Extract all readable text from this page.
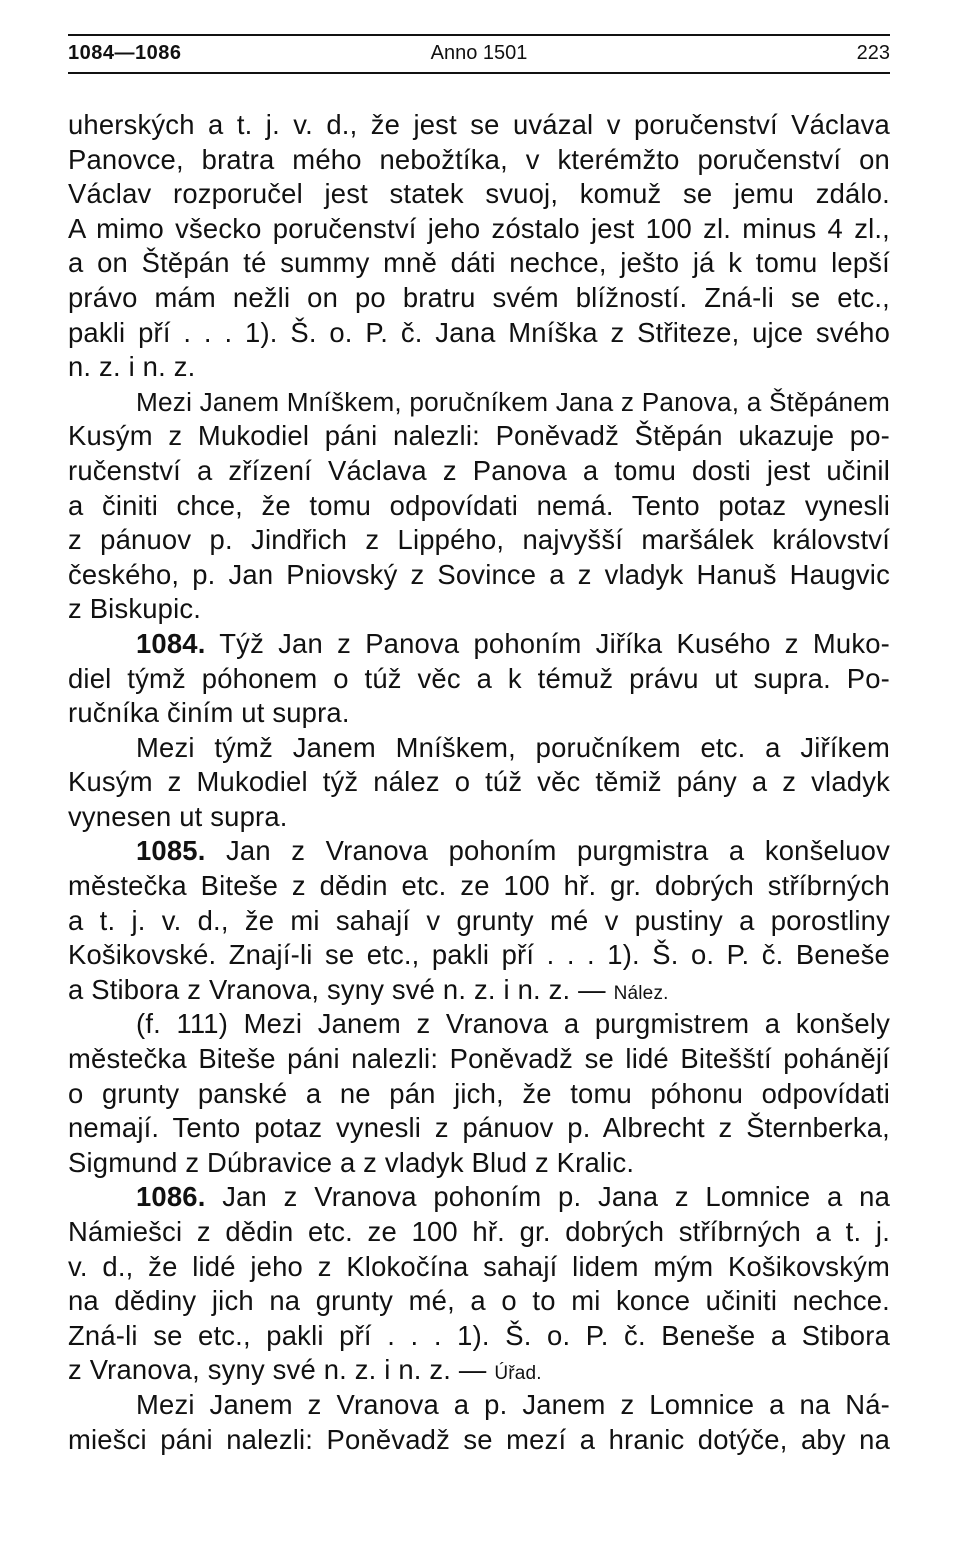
1084—1086	Anno 1501	223
uherských a t. j. v. d., že jest se uvázal v poručenství Václava
Panovce, bratra mého nebožtíka, v kterémžto poručenství on
Václav rozporučel jest statek svuoj, komuž se jemu zdálo.
A mimo všecko poručenství jeho zóstalo jest 100 zl. minus 4 zl.,
a on Štěpán té summy mně dáti nechce, ješto já k tomu lepší
právo mám nežli on po bratru svém blížností. Zná-li se etc.,
pakli pří . . . 1). Š. o. P. č. Jana Mníška z Střiteze, ujce svého
n. z. i n. z.
Mezi Janem Mníškem, poručníkem Jana z Panova, a Štěpánem
Kusým z Mukodiel páni nalezli: Poněvadž Štěpán ukazuje po-
ručenství a zřízení Václava z Panova a tomu dosti jest učinil
a činiti chce, že tomu odpovídati nemá. Tento potaz vynesli
z pánuov p. Jindřich z Lippého, najvyšší maršálek království
českého, p. Jan Pniovský z Sovince a z vladyk Hanuš Haugvic
z Biskupic.
1084. Týž Jan z Panova pohoním Jiříka Kusého z Muko-
diel týmž póhonem o túž věc a k témuž právu ut supra. Po-
ručníka činím ut supra.
Mezi týmž Janem Mníškem, poručníkem etc. a Jiříkem
Kusým z Mukodiel týž nález o túž věc těmiž pány a z vladyk
vynesen ut supra.
1085. Jan z Vranova pohoním purgmistra a konšeluov
městečka Biteše z dědin etc. ze 100 hř. gr. dobrých stříbrných
a t. j. v. d., že mi sahají v grunty mé v pustiny a porostliny
Košikovské. Znají-li se etc., pakli pří . . . 1). Š. o. P. č. Beneše
a Stibora z Vranova, syny své n. z. i n. z. — Nález.
(f. 111) Mezi Janem z Vranova a purgmistrem a konšely
městečka Biteše páni nalezli: Poněvadž se lidé Bitešští pohánějí
o grunty panské a ne pán jich, že tomu póhonu odpovídati
nemají. Tento potaz vynesli z pánuov p. Albrecht z Šternberka,
Sigmund z Dúbravice a z vladyk Blud z Kralic.
1086. Jan z Vranova pohoním p. Jana z Lomnice a na
Námiešci z dědin etc. ze 100 hř. gr. dobrých stříbrných a t. j.
v. d., že lidé jeho z Klokočína sahají lidem mým Košikovským
na dědiny jich na grunty mé, a o to mi konce učiniti nechce.
Zná-li se etc., pakli pří . . . 1). Š. o. P. č. Beneše a Stibora
z Vranova, syny své n. z. i n. z. — Úřad.
Mezi Janem z Vranova a p. Janem z Lomnice a na Ná-
miešci páni nalezli: Poněvadž se mezí a hranic dotýče, aby na
